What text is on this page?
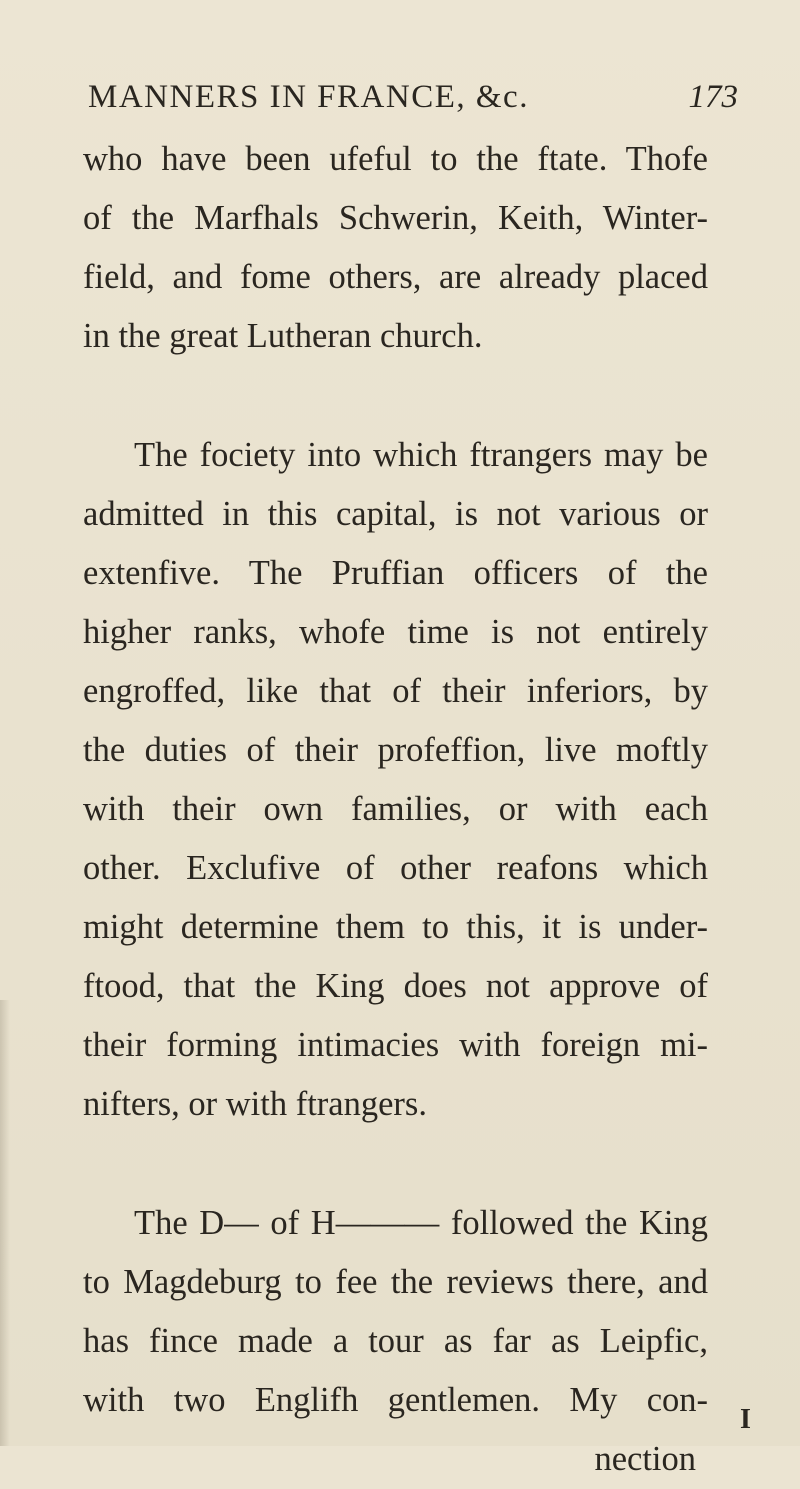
MANNERS IN FRANCE, &c.	173
who have been ufeful to the ftate. Thofe
of the Marfhals Schwerin, Keith, Winter-
field, and fome others, are already placed
in the great Lutheran church.
The fociety into which ftrangers may be
admitted in this capital, is not various or
extenfive. The Pruffian officers of the
higher ranks, whofe time is not entirely
engroffed, like that of their inferiors, by
the duties of their profeffion, live moftly
with their own families, or with each
other. Exclufive of other reafons which
might determine them to this, it is under-
ftood, that the King does not approve of
their forming intimacies with foreign mi-
nifters, or with ftrangers.
The D— of H——— followed the King
to Magdeburg to fee the reviews there, and
has fince made a tour as far as Leipfic,
with two Englifh gentlemen. My con-
nection
I
